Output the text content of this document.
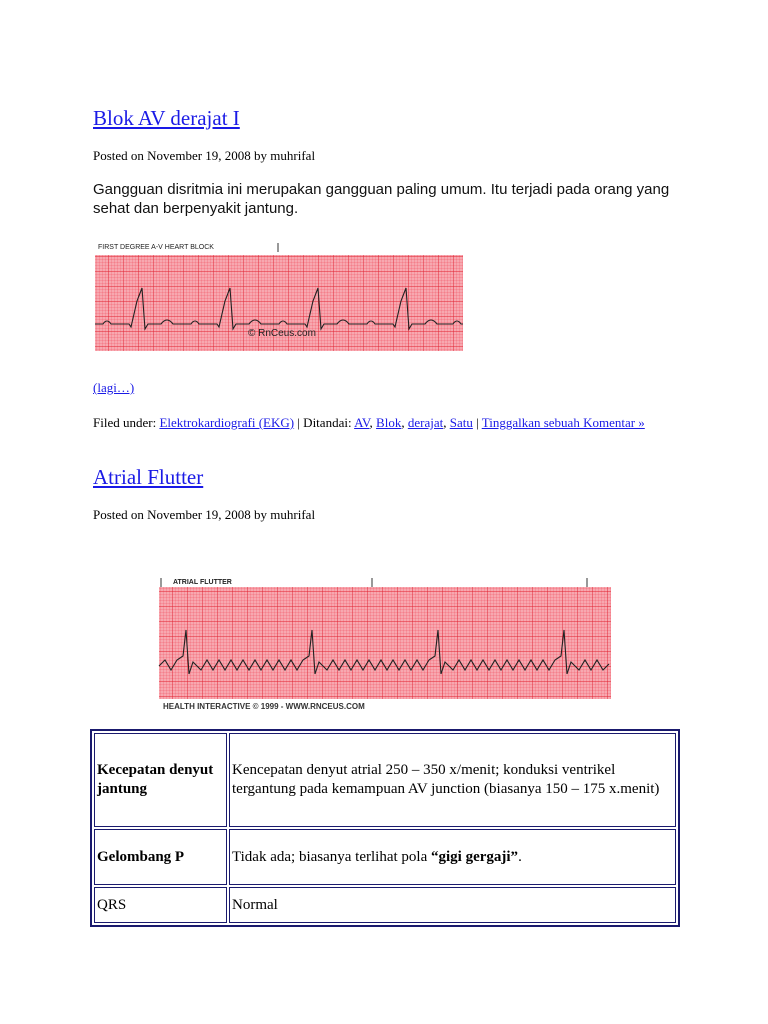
Blok AV derajat I
Posted on November 19, 2008 by muhrifal
Gangguan disritmia ini merupakan gangguan paling umum. Itu terjadi pada orang yang sehat dan berpenyakit jantung.
FIRST DEGREE A-V HEART BLOCK
© RnCeus.com
(lagi…)
Filed under: Elektrokardiografi (EKG) | Ditandai: AV, Blok, derajat, Satu | Tinggalkan sebuah Komentar »
Atrial Flutter
Posted on November 19, 2008 by muhrifal
ATRIAL FLUTTER
HEALTH INTERACTIVE © 1999 - WWW.RNCEUS.COM
Kecepatan denyut jantung	Kencepatan denyut atrial 250 – 350 x/menit; konduksi ventrikel tergantung pada kemampuan AV junction (biasanya 150 – 175 x.menit)
Gelombang P	Tidak ada; biasanya terlihat pola “gigi gergaji”.
QRS	Normal
